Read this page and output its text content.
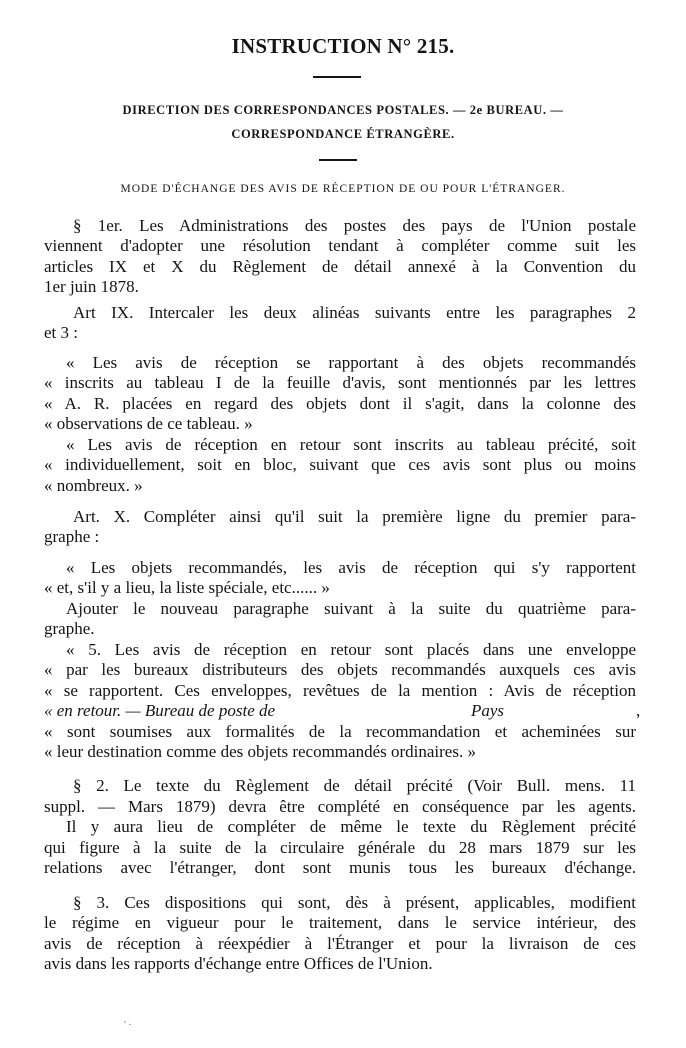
INSTRUCTION N° 215.
DIRECTION DES CORRESPONDANCES POSTALES. — 2e BUREAU. —
CORRESPONDANCE ÉTRANGÈRE.
MODE D'ÉCHANGE DES AVIS DE RÉCEPTION DE OU POUR L'ÉTRANGER.
§ 1er. Les Administrations des postes des pays de l'Union postale
viennent d'adopter une résolution tendant à compléter comme suit les
articles IX et X du Règlement de détail annexé à la Convention du
1er juin 1878.
Art IX. Intercaler les deux alinéas suivants entre les paragraphes 2
et 3 :
« Les avis de réception se rapportant à des objets recommandés
« inscrits au tableau I de la feuille d'avis, sont mentionnés par les lettres
« A. R. placées en regard des objets dont il s'agit, dans la colonne des
« observations de ce tableau. »
« Les avis de réception en retour sont inscrits au tableau précité, soit
« individuellement, soit en bloc, suivant que ces avis sont plus ou moins
« nombreux. »
Art. X. Compléter ainsi qu'il suit la première ligne du premier para-
graphe :
« Les objets recommandés, les avis de réception qui s'y rapportent
« et, s'il y a lieu, la liste spéciale, etc...... »
Ajouter le nouveau paragraphe suivant à la suite du quatrième para-
graphe.
« 5. Les avis de réception en retour sont placés dans une enveloppe
« par les bureaux distributeurs des objets recommandés auxquels ces avis
« se rapportent. Ces enveloppes, revêtues de la mention : Avis de réception
« en retour. — Bureau de poste de	Pays	,
« sont soumises aux formalités de la recommandation et acheminées sur
« leur destination comme des objets recommandés ordinaires. »
§ 2. Le texte du Règlement de détail précité (Voir Bull. mens. 11
suppl. — Mars 1879) devra être complété en conséquence par les agents.
Il y aura lieu de compléter de même le texte du Règlement précité
qui figure à la suite de la circulaire générale du 28 mars 1879 sur les
relations avec l'étranger, dont sont munis tous les bureaux d'échange.
§ 3. Ces dispositions qui sont, dès à présent, applicables, modifient
le régime en vigueur pour le traitement, dans le service intérieur, des
avis de réception à réexpédier à l'Étranger et pour la livraison de ces
avis dans les rapports d'échange entre Offices de l'Union.
' ·
